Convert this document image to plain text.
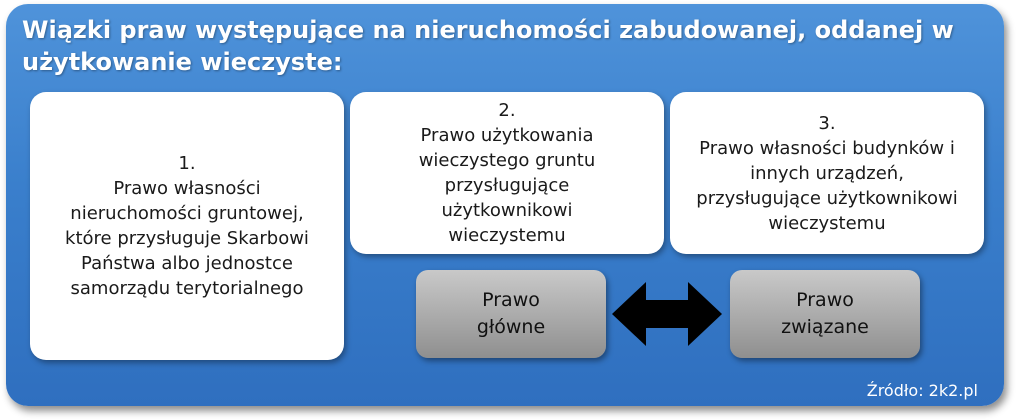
Wiązki praw występujące na nieruchomości zabudowanej, oddanej w użytkowanie wieczyste:
1.
Prawo własności nieruchomości gruntowej, które przysługuje Skarbowi Państwa albo jednostce samorządu terytorialnego
2.
Prawo użytkowania wieczystego gruntu przysługujące użytkownikowi wieczystemu
3.
Prawo własności budynków i innych urządzeń, przysługujące użytkownikowi wieczystemu
Prawo główne
Prawo związane
Źródło: 2k2.pl
